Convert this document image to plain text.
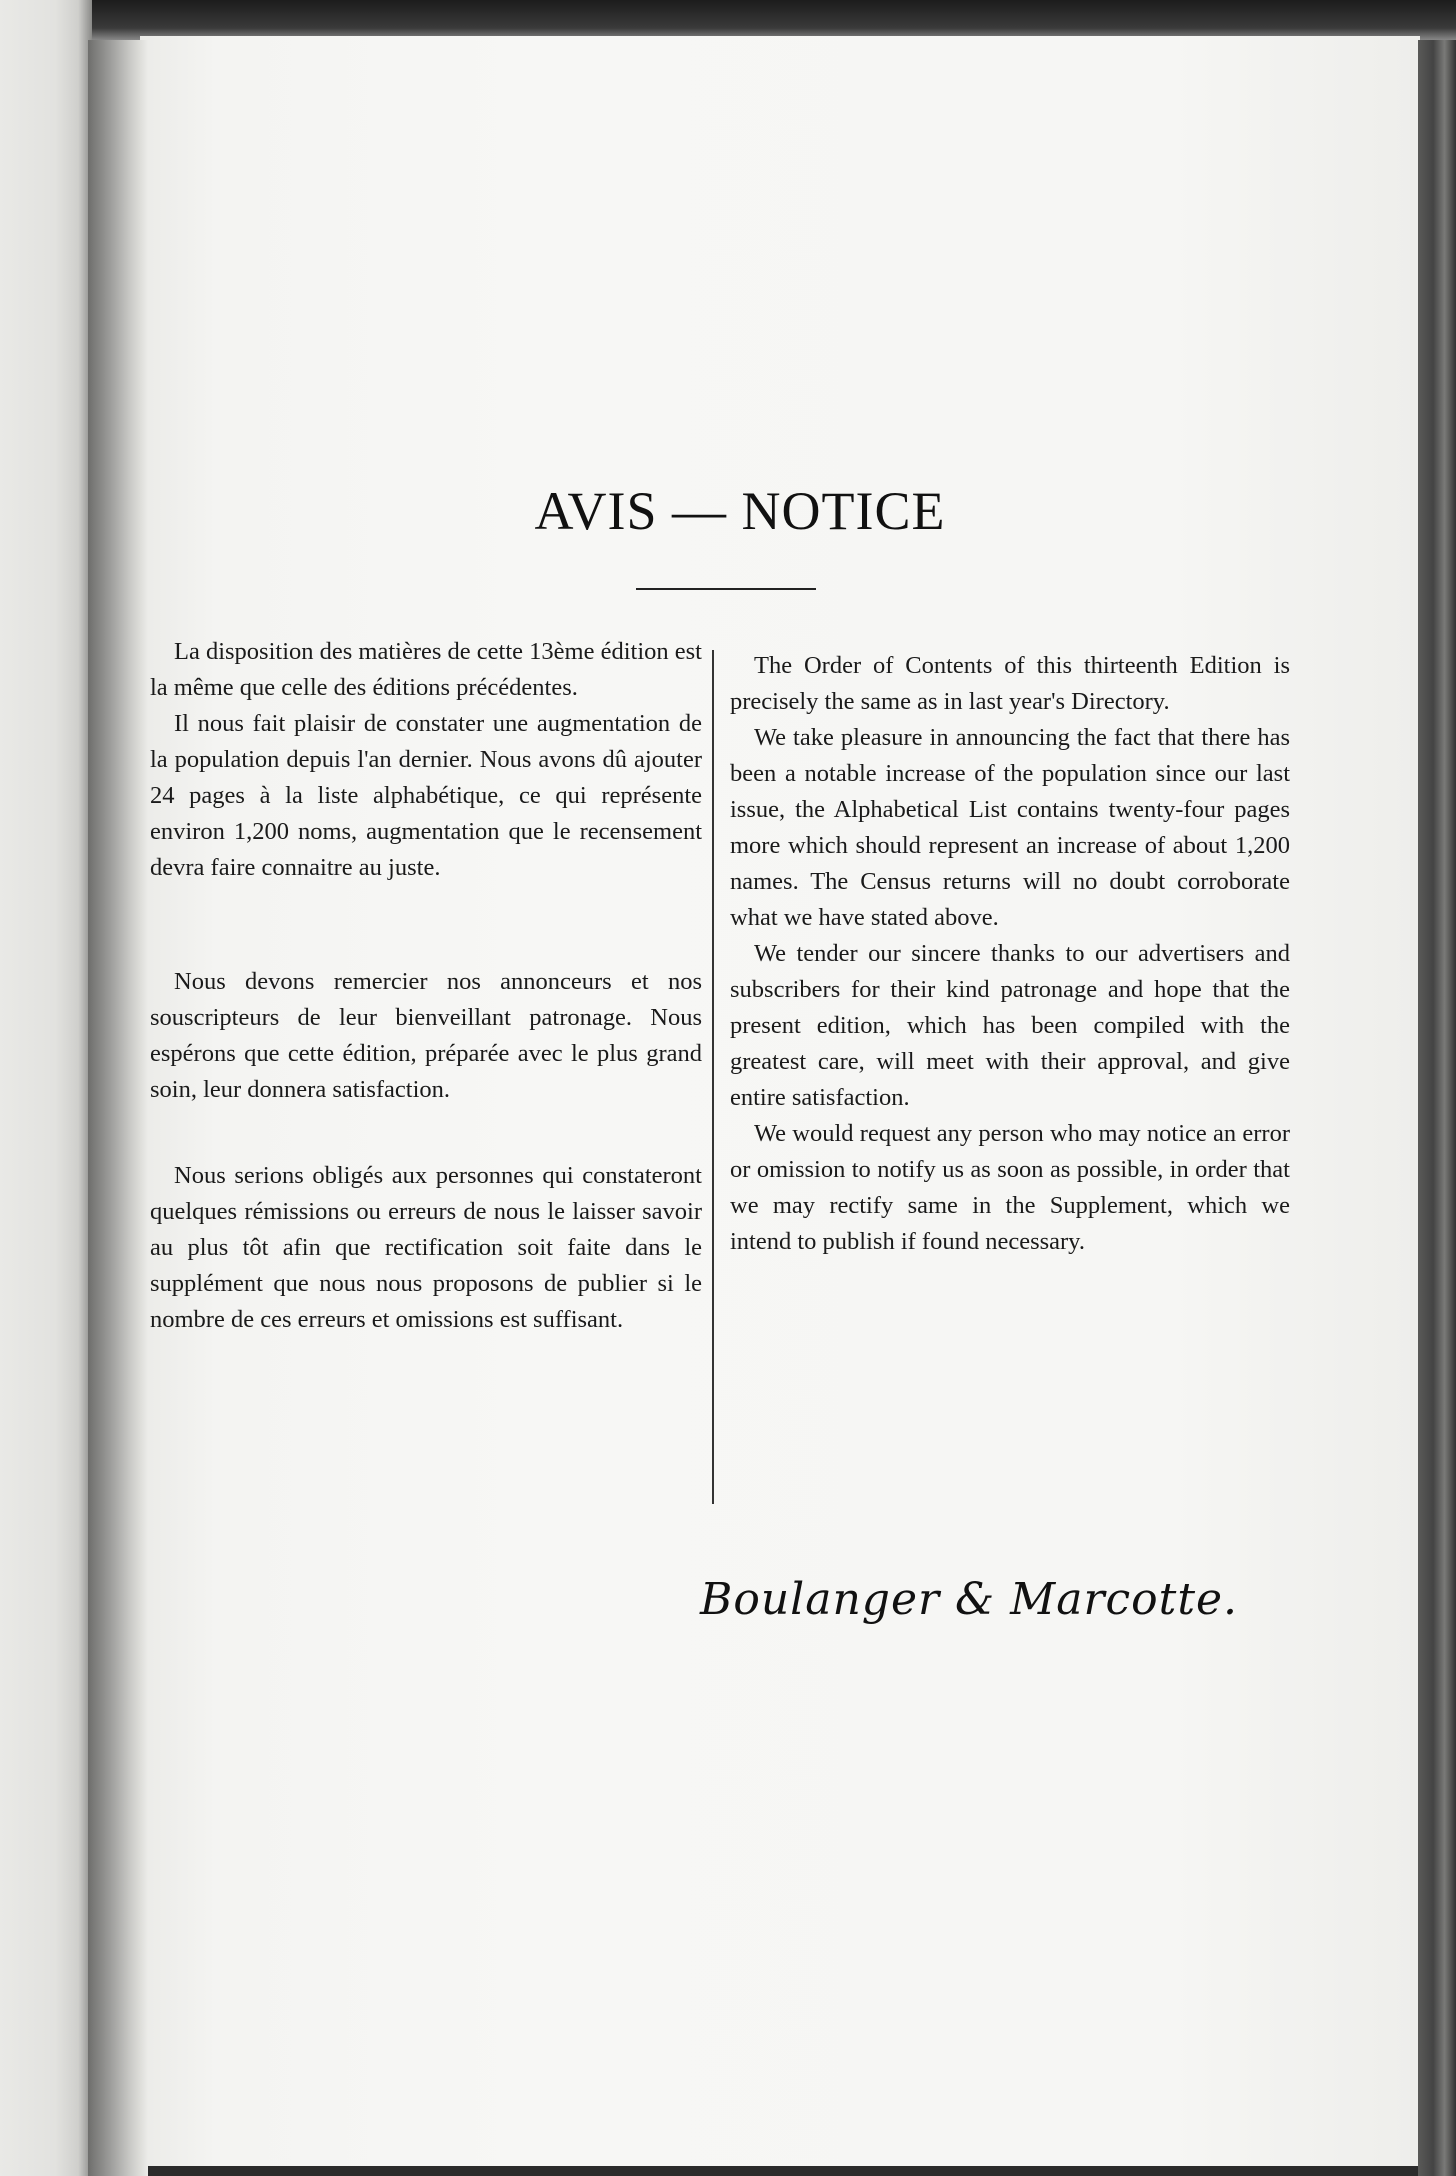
AVIS — NOTICE

La disposition des matières de cette 13ème édition est la même que celle des éditions précédentes.

Il nous fait plaisir de constater une augmentation de la population depuis l'an dernier. Nous avons dû ajouter 24 pages à la liste alphabétique, ce qui représente environ 1,200 noms, augmentation que le recensement devra faire connaitre au juste.

Nous devons remercier nos annonceurs et nos souscripteurs de leur bienveillant patronage. Nous espérons que cette édition, préparée avec le plus grand soin, leur donnera satisfaction.

Nous serions obligés aux personnes qui constateront quelques rémissions ou erreurs de nous le laisser savoir au plus tôt afin que rectification soit faite dans le supplément que nous nous proposons de publier si le nombre de ces erreurs et omissions est suffisant.

The Order of Contents of this thirteenth Edition is precisely the same as in last year's Directory.

We take pleasure in announcing the fact that there has been a notable increase of the population since our last issue, the Alphabetical List contains twenty-four pages more which should represent an increase of about 1,200 names. The Census returns will no doubt corroborate what we have stated above.

We tender our sincere thanks to our advertisers and subscribers for their kind patronage and hope that the present edition, which has been compiled with the greatest care, will meet with their approval, and give entire satisfaction.

We would request any person who may notice an error or omission to notify us as soon as possible, in order that we may rectify same in the Supplement, which we intend to publish if found necessary.

Boulanger & Marcotte.
